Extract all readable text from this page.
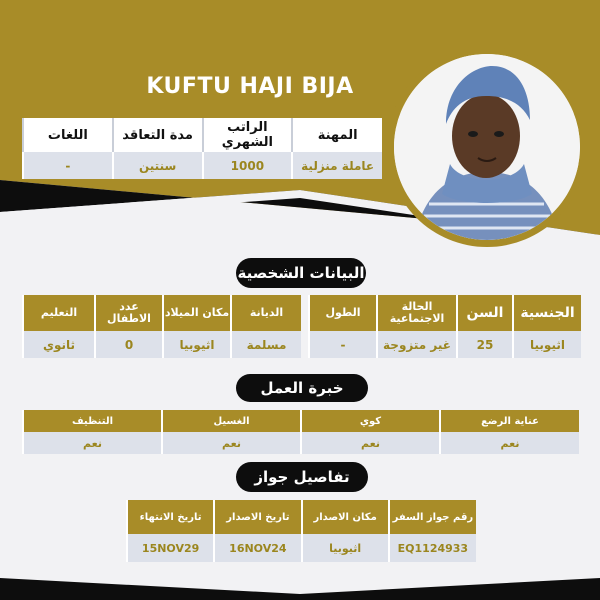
KUFTU HAJI BIJA
المهنة	الراتب الشهري	مدة التعاقد	اللغات
عاملة منزلية	1000	سنتين	-
البيانات الشخصية
الجنسية	السن	الحالة الاجتماعية	الطول
اثيوبيا	25	غير متزوجة	-
الديانة	مكان الميلاد	عدد الاطفال	التعليم
مسلمة	اثيوبيا	0	ثانوي
خبرة العمل
عناية الرضع	كوي	الغسيل	التنظيف
نعم	نعم	نعم	نعم
تفاصيل جواز
رقم جواز السفر	مكان الاصدار	تاريخ الاصدار	تاريخ الانتهاء
EQ1124933	اثيوبيا	16NOV24	15NOV29
